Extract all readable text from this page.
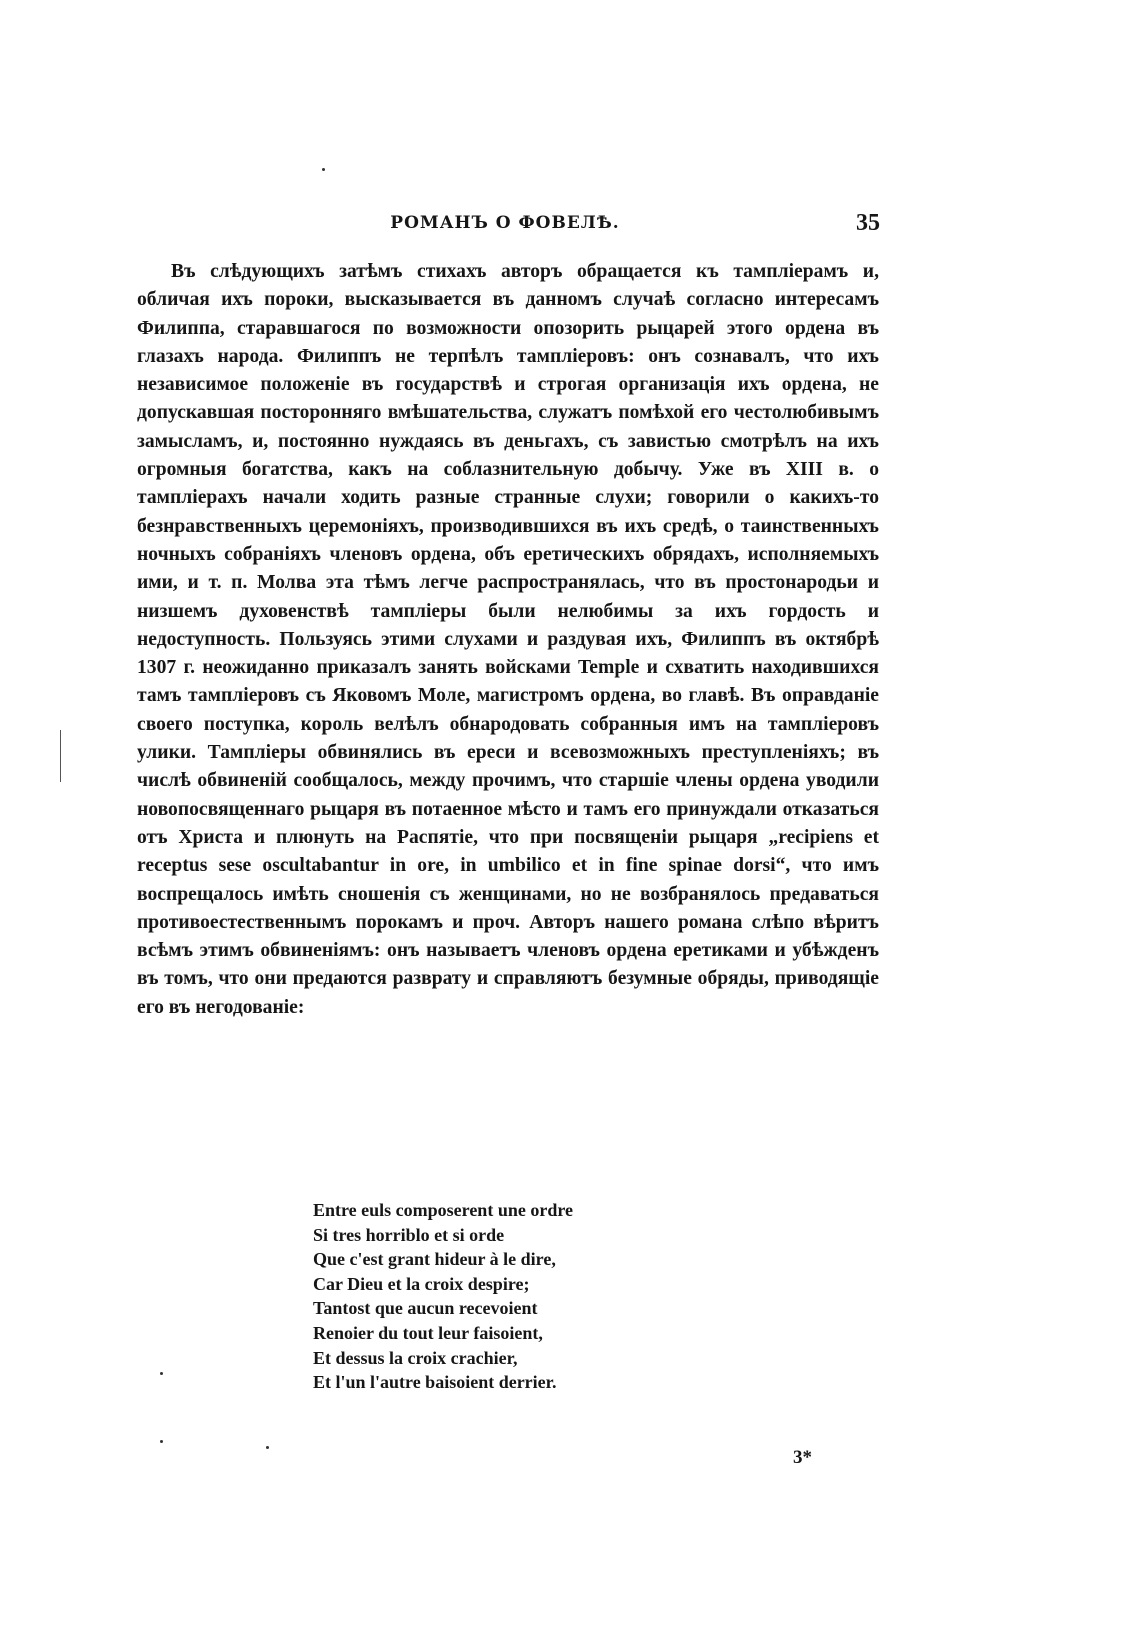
РОМАНЪ О ФОВЕЛѢ.	35

Въ слѣдующихъ затѣмъ стихахъ авторъ обращается къ тампліерамъ и, обличая ихъ пороки, высказывается въ данномъ случаѣ согласно интересамъ Филиппа, старавшагося по возможности опозорить рыцарей этого ордена въ глазахъ народа. Филиппъ не терпѣлъ тампліеровъ: онъ сознавалъ, что ихъ независимое положеніе въ государствѣ и строгая организація ихъ ордена, не допускавшая посторонняго вмѣшательства, служатъ помѣхой его честолюбивымъ замысламъ, и, постоянно нуждаясь въ деньгахъ, съ завистью смотрѣлъ на ихъ огромныя богатства, какъ на соблазнительную добычу. Уже въ XIII в. о тампліерахъ начали ходить разные странные слухи; говорили о какихъ-то безнравственныхъ церемоніяхъ, производившихся въ ихъ средѣ, о таинственныхъ ночныхъ собраніяхъ членовъ ордена, объ еретическихъ обрядахъ, исполняемыхъ ими, и т. п. Молва эта тѣмъ легче распространялась, что въ простонародьи и низшемъ духовенствѣ тампліеры были нелюбимы за ихъ гордость и недоступность. Пользуясь этими слухами и раздувая ихъ, Филиппъ въ октябрѣ 1307 г. неожиданно приказалъ занять войсками Temple и схватить находившихся тамъ тампліеровъ съ Яковомъ Моле, магистромъ ордена, во главѣ. Въ оправданіе своего поступка, король велѣлъ обнародовать собранныя имъ на тампліеровъ улики. Тампліеры обвинялись въ ереси и всевозможныхъ преступленіяхъ; въ числѣ обвиненій сообщалось, между прочимъ, что старшіе члены ордена уводили новопосвященнаго рыцаря въ потаенное мѣсто и тамъ его принуждали отказаться отъ Христа и плюнуть на Распятіе, что при посвященіи рыцаря „recipiens et receptus sese oscultabantur in ore, in umbilico et in fine spinae dorsi“, что имъ воспрещалось имѣть сношенія съ женщинами, но не возбранялось предаваться противоестественнымъ порокамъ и проч. Авторъ нашего романа слѣпо вѣритъ всѣмъ этимъ обвиненіямъ: онъ называетъ членовъ ордена еретиками и убѣжденъ въ томъ, что они предаются разврату и справляютъ безумные обряды, приводящіе его въ негодованіе:

Entre euls composerent une ordre
Si tres horriblo et si orde
Que c'est grant hideur à le dire,
Car Dieu et la croix despire;
Tantost que aucun recevoient
Renoier du tout leur faisoient,
Et dessus la croix crachier,
Et l'un l'autre baisoient derrier.
3*
